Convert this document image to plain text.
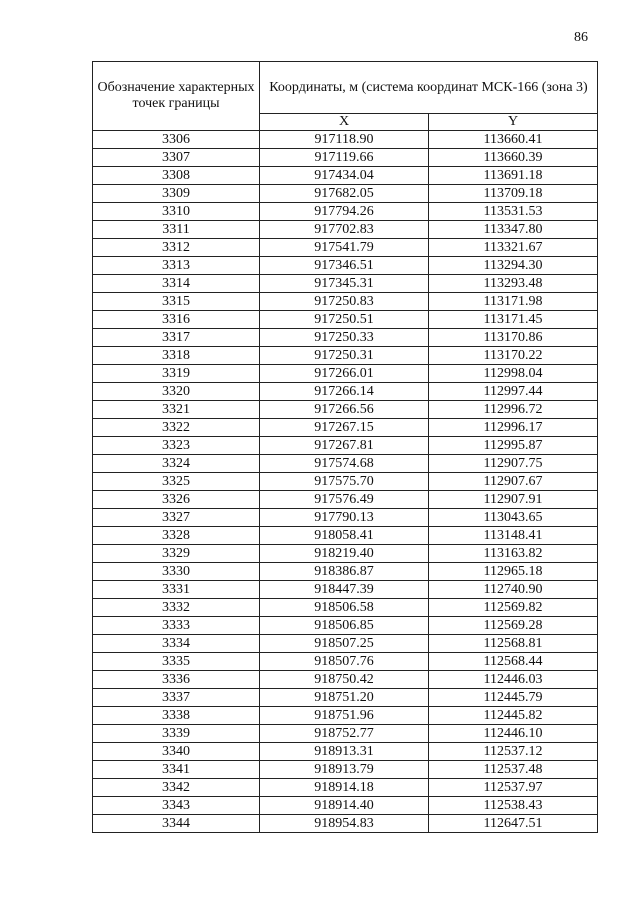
86
Обозначение характерных точек границы	Координаты, м (система координат МСК-166 (зона 3)	
	X	Y
3306	917118.90	113660.41
3307	917119.66	113660.39
3308	917434.04	113691.18
3309	917682.05	113709.18
3310	917794.26	113531.53
3311	917702.83	113347.80
3312	917541.79	113321.67
3313	917346.51	113294.30
3314	917345.31	113293.48
3315	917250.83	113171.98
3316	917250.51	113171.45
3317	917250.33	113170.86
3318	917250.31	113170.22
3319	917266.01	112998.04
3320	917266.14	112997.44
3321	917266.56	112996.72
3322	917267.15	112996.17
3323	917267.81	112995.87
3324	917574.68	112907.75
3325	917575.70	112907.67
3326	917576.49	112907.91
3327	917790.13	113043.65
3328	918058.41	113148.41
3329	918219.40	113163.82
3330	918386.87	112965.18
3331	918447.39	112740.90
3332	918506.58	112569.82
3333	918506.85	112569.28
3334	918507.25	112568.81
3335	918507.76	112568.44
3336	918750.42	112446.03
3337	918751.20	112445.79
3338	918751.96	112445.82
3339	918752.77	112446.10
3340	918913.31	112537.12
3341	918913.79	112537.48
3342	918914.18	112537.97
3343	918914.40	112538.43
3344	918954.83	112647.51
